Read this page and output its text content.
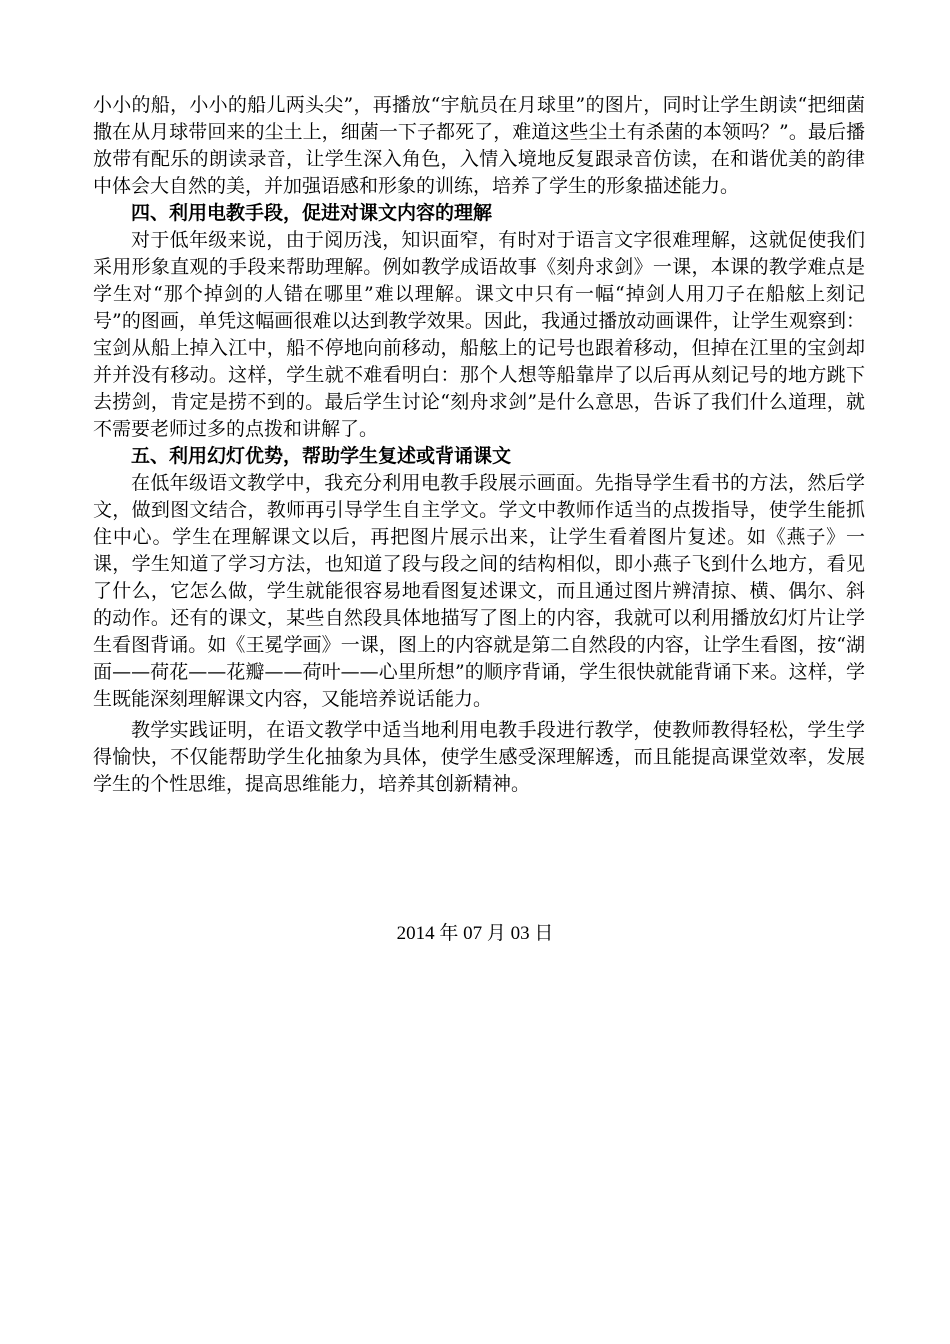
小小的船，小小的船儿两头尖”，再播放“宇航员在月球里”的图片，同时让学生朗读“把细菌撒在从月球带回来的尘土上，细菌一下子都死了，难道这些尘土有杀菌的本领吗？”。最后播放带有配乐的朗读录音，让学生深入角色，入情入境地反复跟录音仿读，在和谐优美的韵律中体会大自然的美，并加强语感和形象的训练，培养了学生的形象描述能力。

四、利用电教手段，促进对课文内容的理解

对于低年级来说，由于阅历浅，知识面窄，有时对于语言文字很难理解，这就促使我们采用形象直观的手段来帮助理解。例如教学成语故事《刻舟求剑》一课，本课的教学难点是学生对“那个掉剑的人错在哪里”难以理解。课文中只有一幅“掉剑人用刀子在船舷上刻记号”的图画，单凭这幅画很难以达到教学效果。因此，我通过播放动画课件，让学生观察到：宝剑从船上掉入江中，船不停地向前移动，船舷上的记号也跟着移动，但掉在江里的宝剑却并并没有移动。这样，学生就不难看明白：那个人想等船靠岸了以后再从刻记号的地方跳下去捞剑，肯定是捞不到的。最后学生讨论“刻舟求剑”是什么意思，告诉了我们什么道理，就不需要老师过多的点拨和讲解了。

五、利用幻灯优势，帮助学生复述或背诵课文

在低年级语文教学中，我充分利用电教手段展示画面。先指导学生看书的方法，然后学文，做到图文结合，教师再引导学生自主学文。学文中教师作适当的点拨指导，使学生能抓住中心。学生在理解课文以后，再把图片展示出来，让学生看着图片复述。如《燕子》一课，学生知道了学习方法，也知道了段与段之间的结构相似，即小燕子飞到什么地方，看见了什么，它怎么做，学生就能很容易地看图复述课文，而且通过图片辨清掠、横、偶尔、斜的动作。还有的课文，某些自然段具体地描写了图上的内容，我就可以利用播放幻灯片让学生看图背诵。如《王冕学画》一课，图上的内容就是第二自然段的内容，让学生看图，按“湖面——荷花——花瓣——荷叶——心里所想”的顺序背诵，学生很快就能背诵下来。这样，学生既能深刻理解课文内容，又能培养说话能力。

教学实践证明，在语文教学中适当地利用电教手段进行教学，使教师教得轻松，学生学得愉快，不仅能帮助学生化抽象为具体，使学生感受深理解透，而且能提高课堂效率，发展学生的个性思维，提高思维能力，培养其创新精神。

2014 年 07 月 03 日
